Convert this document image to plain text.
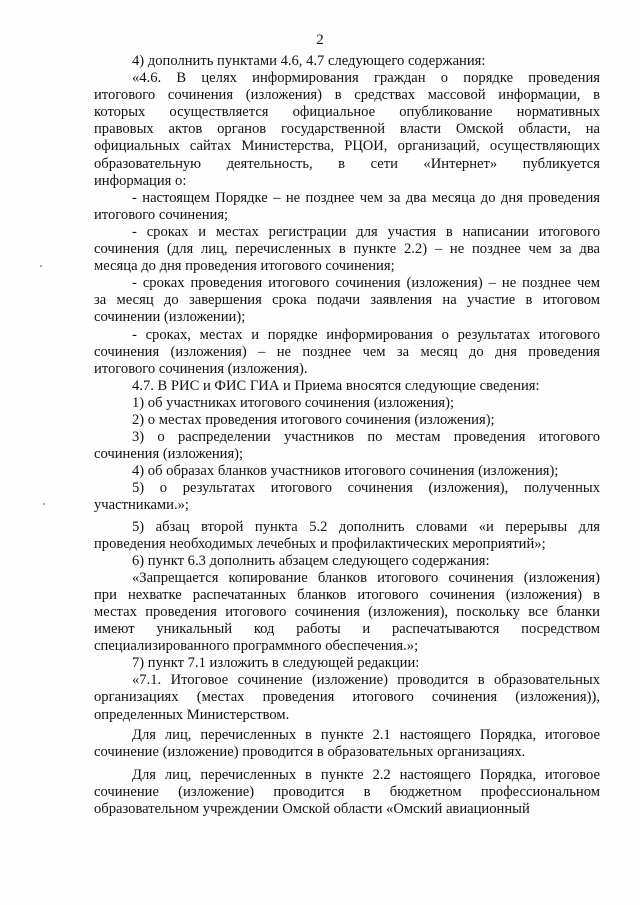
2
4) дополнить пунктами 4.6, 4.7 следующего содержания:
«4.6. В целях информирования граждан о порядке проведения
итогового сочинения (изложения) в средствах массовой информации, в
которых осуществляется официальное опубликование нормативных
правовых актов органов государственной власти Омской области, на
официальных сайтах Министерства, РЦОИ, организаций, осуществляющих
образовательную деятельность, в сети «Интернет» публикуется
информация о:
- настоящем Порядке – не позднее чем за два месяца до дня проведения
итогового сочинения;
- сроках и местах регистрации для участия в написании итогового
сочинения (для лиц, перечисленных в пункте 2.2) – не позднее чем за два
месяца до дня проведения итогового сочинения;
- сроках проведения итогового сочинения (изложения) – не позднее чем
за месяц до завершения срока подачи заявления на участие в итоговом
сочинении (изложении);
- сроках, местах и порядке информирования о результатах итогового
сочинения (изложения) – не позднее чем за месяц до дня проведения
итогового сочинения (изложения).
4.7. В РИС и ФИС ГИА и Приема вносятся следующие сведения:
1) об участниках итогового сочинения (изложения);
2) о местах проведения итогового сочинения (изложения);
3) о распределении участников по местам проведения итогового
сочинения (изложения);
4) об образах бланков участников итогового сочинения (изложения);
5) о результатах итогового сочинения (изложения), полученных
участниками.»;
5) абзац второй пункта 5.2 дополнить словами «и перерывы для
проведения необходимых лечебных и профилактических мероприятий»;
6) пункт 6.3 дополнить абзацем следующего содержания:
«Запрещается копирование бланков итогового сочинения (изложения)
при нехватке распечатанных бланков итогового сочинения (изложения) в
местах проведения итогового сочинения (изложения), поскольку все бланки
имеют уникальный код работы и распечатываются посредством
специализированного программного обеспечения.»;
7) пункт 7.1 изложить в следующей редакции:
«7.1. Итоговое сочинение (изложение) проводится в образовательных
организациях (местах проведения итогового сочинения (изложения)),
определенных Министерством.
Для лиц, перечисленных в пункте 2.1 настоящего Порядка, итоговое
сочинение (изложение) проводится в образовательных организациях.
Для лиц, перечисленных в пункте 2.2 настоящего Порядка, итоговое
сочинение (изложение) проводится в бюджетном профессиональном
образовательном учреждении Омской области «Омский авиационный
